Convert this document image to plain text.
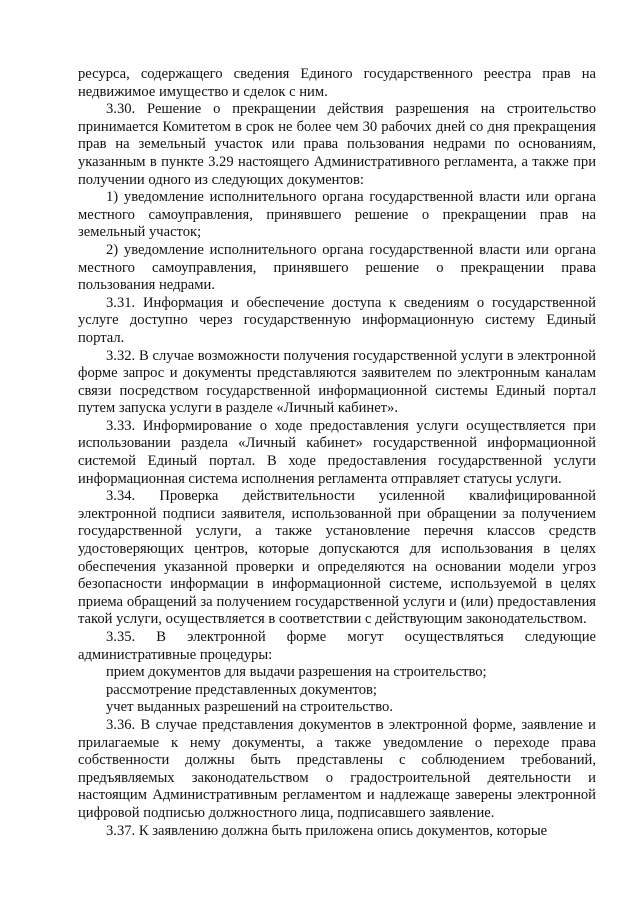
ресурса, содержащего сведения Единого государственного реестра прав на недвижимое имущество и сделок с ним.

3.30. Решение о прекращении действия разрешения на строительство принимается Комитетом в срок не более чем 30 рабочих дней со дня прекращения прав на земельный участок или права пользования недрами по основаниям, указанным в пункте 3.29 настоящего Административного регламента, а также при получении одного из следующих документов:

1) уведомление исполнительного органа государственной власти или органа местного самоуправления, принявшего решение о прекращении прав на земельный участок;

2) уведомление исполнительного органа государственной власти или органа местного самоуправления, принявшего решение о прекращении права пользования недрами.

3.31. Информация и обеспечение доступа к сведениям о государственной услуге доступно через государственную информационную систему Единый портал.

3.32. В случае возможности получения государственной услуги в электронной форме запрос и документы представляются заявителем по электронным каналам связи посредством государственной информационной системы Единый портал путем запуска услуги в разделе «Личный кабинет».

3.33. Информирование о ходе предоставления услуги осуществляется при использовании раздела «Личный кабинет» государственной информационной системой Единый портал. В ходе предоставления государственной услуги информационная система исполнения регламента отправляет статусы услуги.

3.34. Проверка действительности усиленной квалифицированной электронной подписи заявителя, использованной при обращении за получением государственной услуги, а также установление перечня классов средств удостоверяющих центров, которые допускаются для использования в целях обеспечения указанной проверки и определяются на основании модели угроз безопасности информации в информационной системе, используемой в целях приема обращений за получением государственной услуги и (или) предоставления такой услуги, осуществляется в соответствии с действующим законодательством.

3.35. В электронной форме могут осуществляться следующие административные процедуры:

прием документов для выдачи разрешения на строительство;

рассмотрение представленных документов;

учет выданных разрешений на строительство.

3.36. В случае представления документов в электронной форме, заявление и прилагаемые к нему документы, а также уведомление о переходе права собственности должны быть представлены с соблюдением требований, предъявляемых законодательством о градостроительной деятельности и настоящим Административным регламентом и надлежаще заверены электронной цифровой подписью должностного лица, подписавшего заявление.

3.37. К заявлению должна быть приложена опись документов, которые
